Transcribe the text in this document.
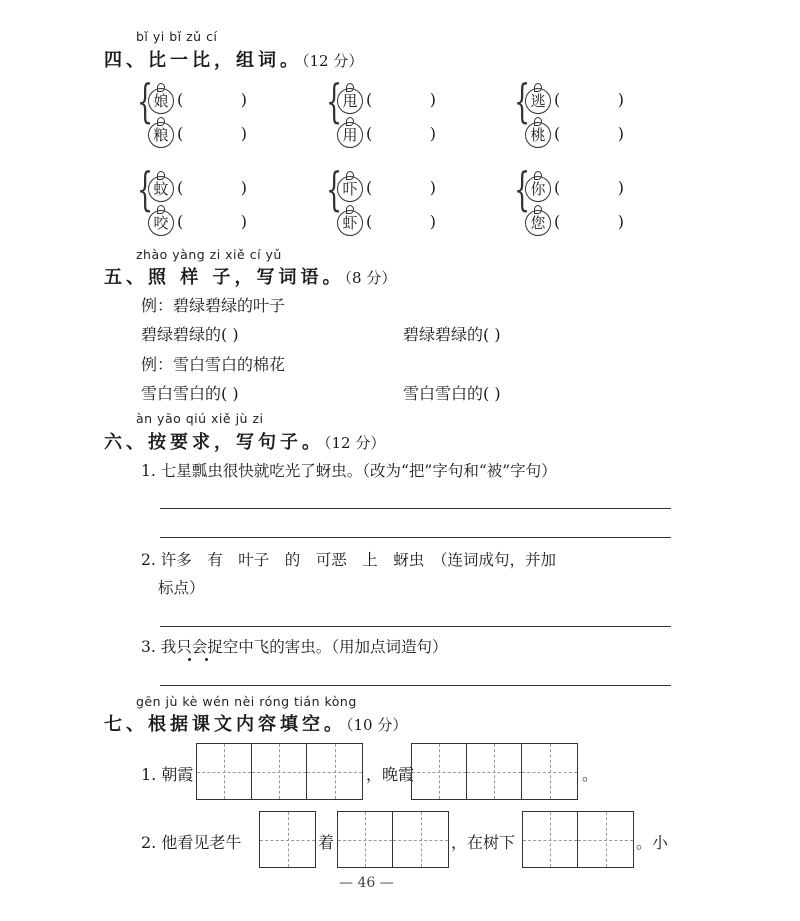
bǐ yi bǐ zǔ cí
四、比一比，组词。（12 分）
{ 娘 (	)
粮 (	)
{ 甩 (	)
用 (	)
{ 逃 (	)
桃 (	)
{ 蚊 (	)
咬 (	)
{ 吓 (	)
虾 (	)
{ 你 (	)
您 (	)
zhào yàng zi xiě cí yǔ
五、照 样 子，写词语。（8 分）
例：碧绿碧绿的叶子
碧绿碧绿的( )	碧绿碧绿的( )
例：雪白雪白的棉花
雪白雪白的( )	雪白雪白的( )
àn yāo qiú xiě jù zi
六、按要求，写句子。（12 分）
1. 七星瓢虫很快就吃光了蚜虫。（改为“把”字句和“被”字句）
2. 许多　有　叶子　的　可恶　上　蚜虫　（连词成句，并加
标点）
3. 我只会捉空中飞的害虫。（用加点词造句）
gēn jù kè wén nèi róng tián kòng
七、根据课文内容填空。（10 分）
1. 朝霞	，晚霞	。
2. 他看见老牛	着	，在树下	。小
— 46 —
